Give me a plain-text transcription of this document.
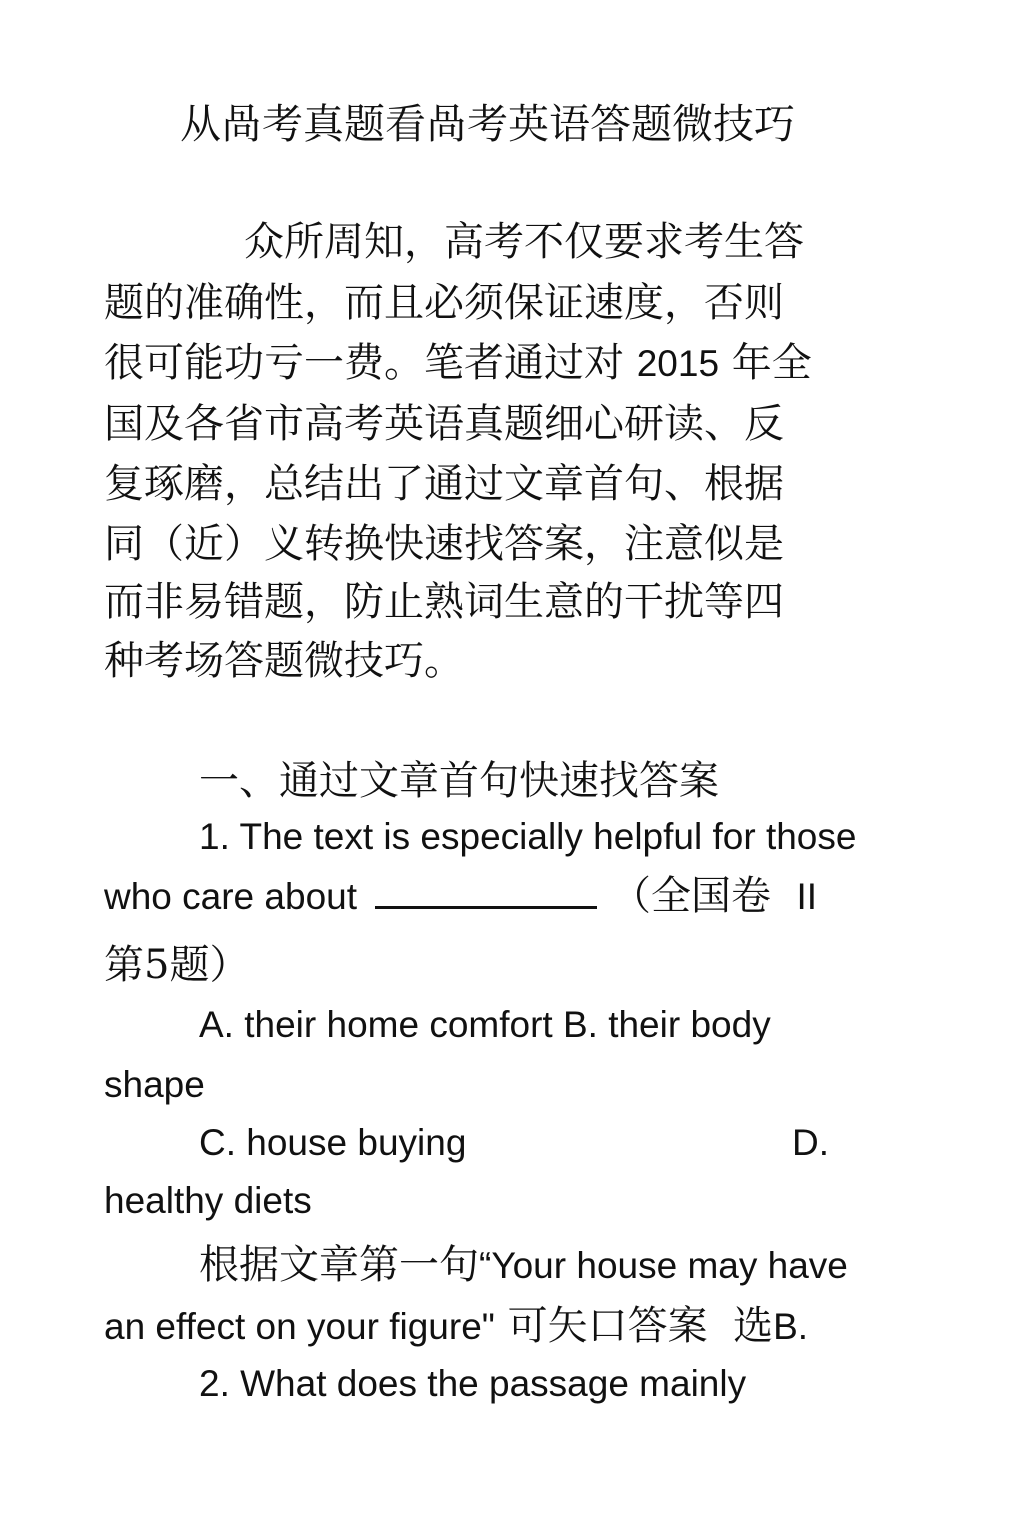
从咼考真题看咼考英语答题微技巧
众所周知，高考不仅要求考生答
题的准确性，而且必须保证速度，否则
很可能功亏一费。笔者通过对 2015 年全
国及各省市高考英语真题细心研读、反
复琢磨，总结出了通过文章首句、根据
同（近）义转换快速找答案，注意似是
而非易错题，防止熟词生意的干扰等四
种考场答题微技巧。
一、通过文章首句快速找答案
1. The text is especially helpful for those
who care about	（全国卷 II
第5题）
A. their home comfort B. their body
shape
C. house buying	D.
healthy diets
根据文章第一句“Your house may have
an effect on your figure" 可矢口答案 选B.
2. What does the passage mainly
